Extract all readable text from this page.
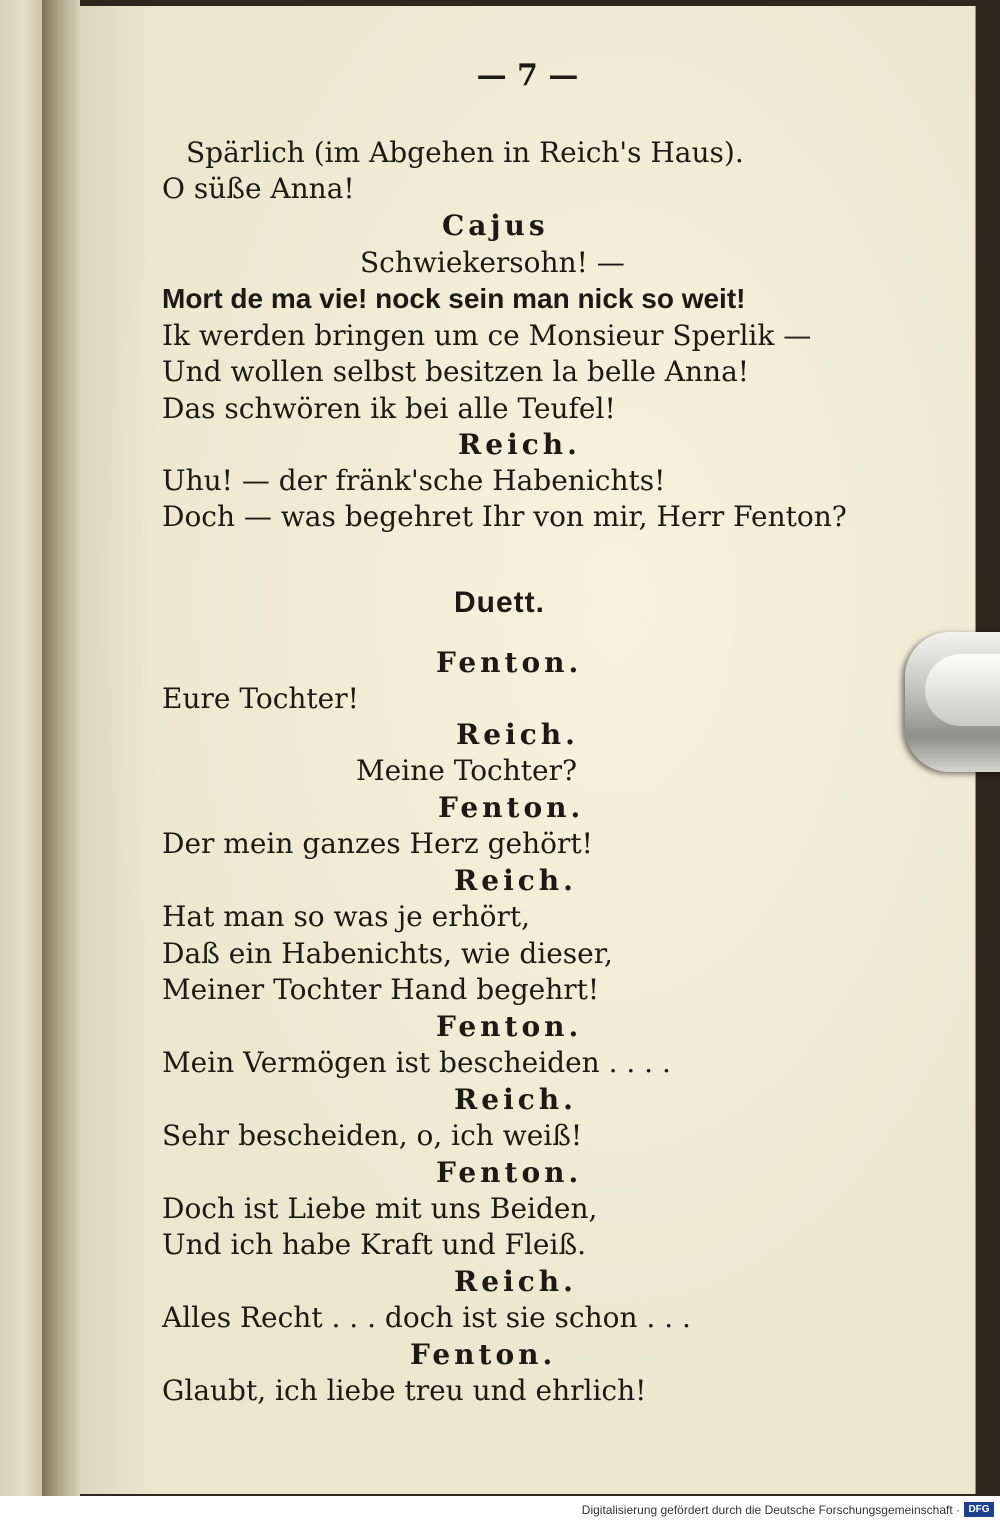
— 7 —
Spärlich (im Abgehen in Reich's Haus).
O süße Anna!
Cajus
Schwiekersohn! —
Mort de ma vie! nock sein man nick so weit!
Ik werden bringen um ce Monsieur Sperlik —
Und wollen selbst besitzen la belle Anna!
Das schwören ik bei alle Teufel!
Reich.
Uhu! — der fränk'sche Habenichts!
Doch — was begehret Ihr von mir, Herr Fenton?
Duett.
Fenton.
Eure Tochter!
Reich.
Meine Tochter?
Fenton.
Der mein ganzes Herz gehört!
Reich.
Hat man so was je erhört,
Daß ein Habenichts, wie dieser,
Meiner Tochter Hand begehrt!
Fenton.
Mein Vermögen ist bescheiden . . . .
Reich.
Sehr bescheiden, o, ich weiß!
Fenton.
Doch ist Liebe mit uns Beiden,
Und ich habe Kraft und Fleiß.
Reich.
Alles Recht . . . doch ist sie schon . . .
Fenton.
Glaubt, ich liebe treu und ehrlich!
Digitalisierung gefördert durch die Deutsche Forschungsgemeinschaft · DFG
